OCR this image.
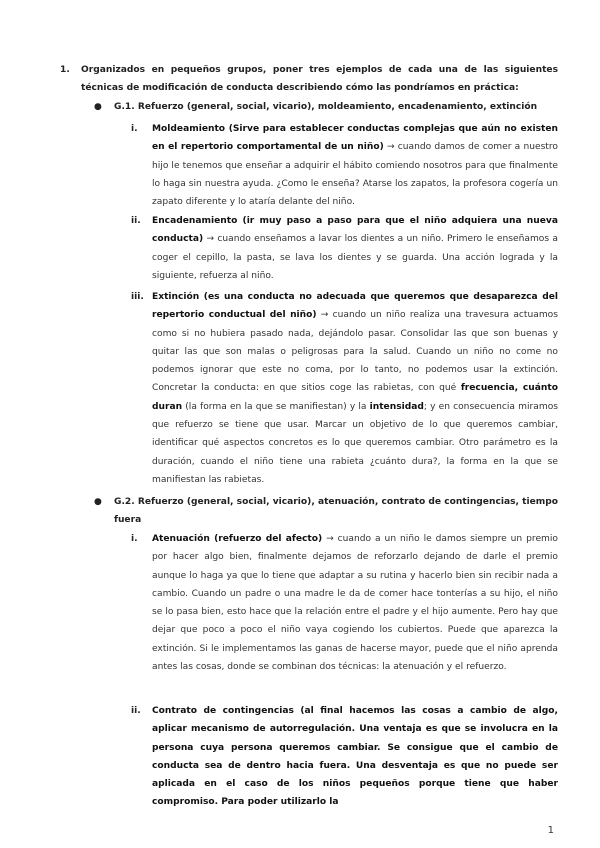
1. Organizados en pequeños grupos, poner tres ejemplos de cada una de las siguientes técnicas de modificación de conducta describiendo cómo las pondríamos en práctica:
● G.1. Refuerzo (general, social, vicario), moldeamiento, encadenamiento, extinción
i. Moldeamiento (Sirve para establecer conductas complejas que aún no existen en el repertorio comportamental de un niño) → cuando damos de comer a nuestro hijo le tenemos que enseñar a adquirir el hábito comiendo nosotros para que finalmente lo haga sin nuestra ayuda. ¿Como le enseña? Atarse los zapatos, la profesora cogería un zapato diferente y lo ataría delante del niño.
ii. Encadenamiento (ir muy paso a paso para que el niño adquiera una nueva conducta) → cuando enseñamos a lavar los dientes a un niño. Primero le enseñamos a coger el cepillo, la pasta, se lava los dientes y se guarda. Una acción lograda y la siguiente, refuerza al niño.
iii. Extinción (es una conducta no adecuada que queremos que desaparezca del repertorio conductual del niño) → cuando un niño realiza una travesura actuamos como si no hubiera pasado nada, dejándolo pasar. Consolidar las que son buenas y quitar las que son malas o peligrosas para la salud. Cuando un niño no come no podemos ignorar que este no coma, por lo tanto, no podemos usar la extinción. Concretar la conducta: en que sitios coge las rabietas, con qué frecuencia, cuánto duran (la forma en la que se manifiestan) y la intensidad; y en consecuencia miramos que refuerzo se tiene que usar. Marcar un objetivo de lo que queremos cambiar, identificar qué aspectos concretos es lo que queremos cambiar. Otro parámetro es la duración, cuando el niño tiene una rabieta ¿cuánto dura?, la forma en la que se manifiestan las rabietas.
● G.2. Refuerzo (general, social, vicario), atenuación, contrato de contingencias, tiempo fuera
i. Atenuación (refuerzo del afecto) → cuando a un niño le damos siempre un premio por hacer algo bien, finalmente dejamos de reforzarlo dejando de darle el premio aunque lo haga ya que lo tiene que adaptar a su rutina y hacerlo bien sin recibir nada a cambio. Cuando un padre o una madre le da de comer hace tonterías a su hijo, el niño se lo pasa bien, esto hace que la relación entre el padre y el hijo aumente. Pero hay que dejar que poco a poco el niño vaya cogiendo los cubiertos. Puede que aparezca la extinción. Si le implementamos las ganas de hacerse mayor, puede que el niño aprenda antes las cosas, donde se combinan dos técnicas: la atenuación y el refuerzo.
ii. Contrato de contingencias (al final hacemos las cosas a cambio de algo, aplicar mecanismo de autorregulación. Una ventaja es que se involucra en la persona cuya persona queremos cambiar. Se consigue que el cambio de conducta sea de dentro hacia fuera. Una desventaja es que no puede ser aplicada en el caso de los niños pequeños porque tiene que haber compromiso. Para poder utilizarlo la
1
